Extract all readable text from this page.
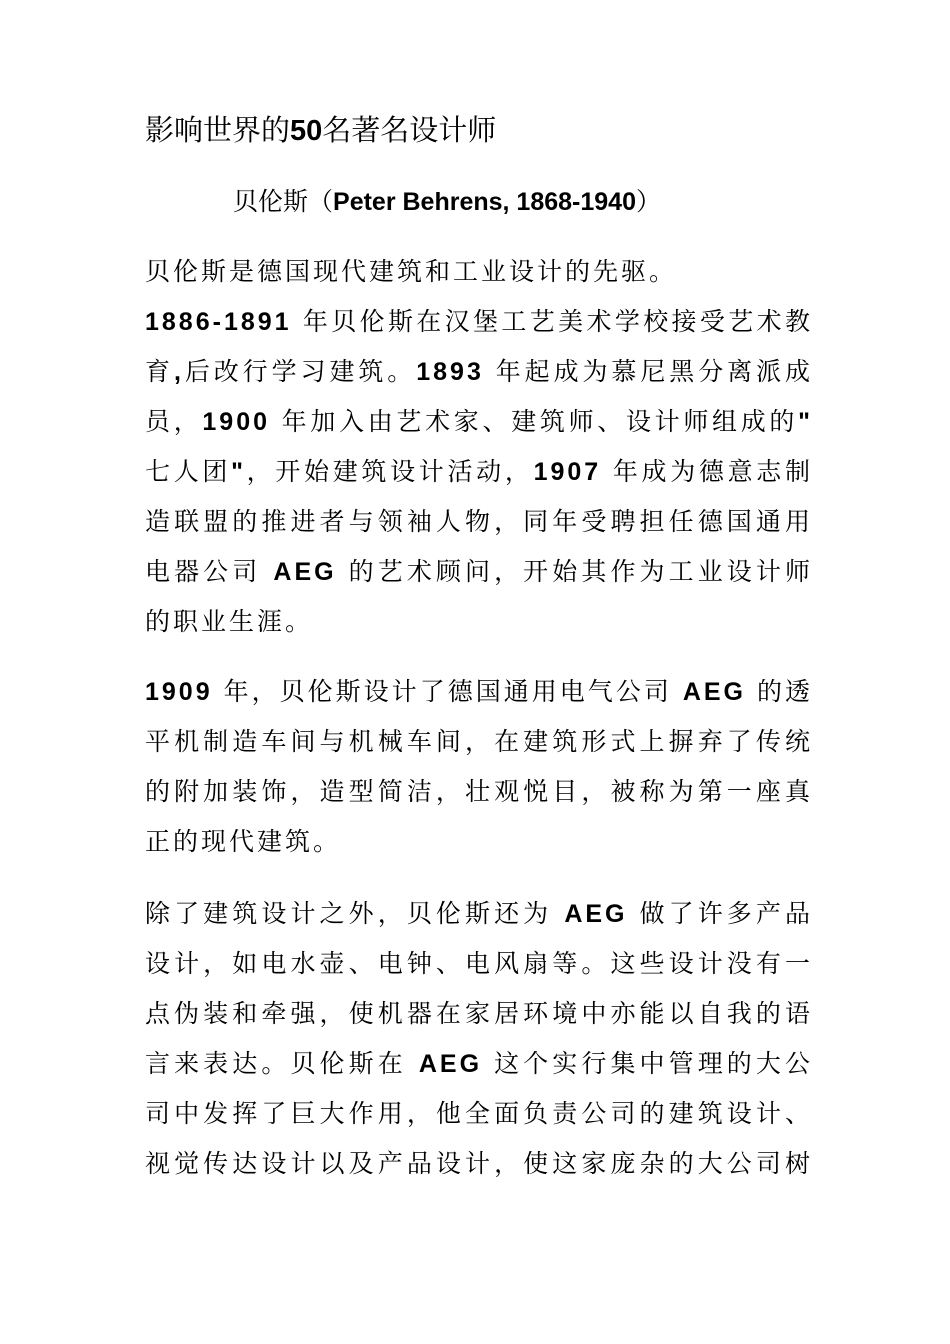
影响世界的50名著名设计师
贝伦斯（Peter Behrens, 1868-1940）
贝伦斯是德国现代建筑和工业设计的先驱。
1886-1891 年贝伦斯在汉堡工艺美术学校接受艺术教
育,后改行学习建筑。1893 年起成为慕尼黑分离派成
员，1900 年加入由艺术家、建筑师、设计师组成的"
七人团"，开始建筑设计活动，1907 年成为德意志制
造联盟的推进者与领袖人物，同年受聘担任德国通用
电器公司 AEG 的艺术顾问，开始其作为工业设计师
的职业生涯。
1909 年，贝伦斯设计了德国通用电气公司 AEG 的透
平机制造车间与机械车间，在建筑形式上摒弃了传统
的附加装饰，造型简洁，壮观悦目，被称为第一座真
正的现代建筑。
除了建筑设计之外，贝伦斯还为 AEG 做了许多产品
设计，如电水壶、电钟、电风扇等。这些设计没有一
点伪装和牵强，使机器在家居环境中亦能以自我的语
言来表达。贝伦斯在 AEG 这个实行集中管理的大公
司中发挥了巨大作用，他全面负责公司的建筑设计、
视觉传达设计以及产品设计，使这家庞杂的大公司树
